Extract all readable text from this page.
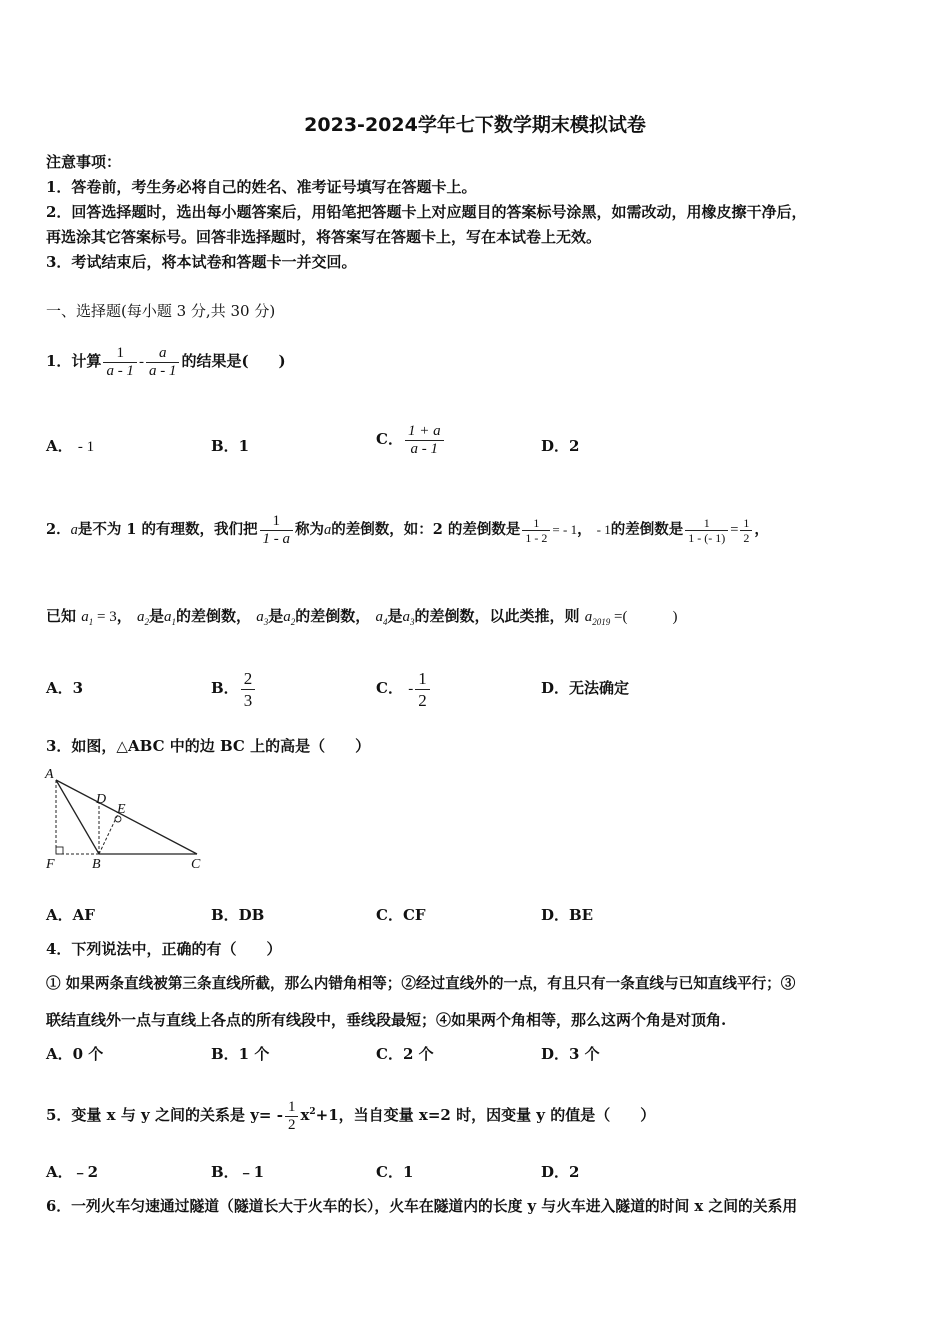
2023-2024学年七下数学期末模拟试卷
注意事项：
1．答卷前，考生务必将自己的姓名、准考证号填写在答题卡上。
2．回答选择题时，选出每小题答案后，用铅笔把答题卡上对应题目的答案标号涂黑，如需改动，用橡皮擦干净后，
再选涂其它答案标号。回答非选择题时，将答案写在答题卡上，写在本试卷上无效。
3．考试结束后，将本试卷和答题卡一并交回。
一、选择题(每小题 3 分,共 30 分)
1．计算 $\frac{1}{a - 1} - \frac{a}{a - 1}$ 的结果是(　　)
A． - 1	B．1	C． $\frac{1 + a}{a - 1}$	D．2
2．a是不为 1 的有理数，我们把 $\frac{1}{1 - a}$ 称为a的差倒数，如：2 的差倒数是 $\frac{1}{1 - 2}$ = - 1， - 1的差倒数是 $\frac{1}{1 - (- 1)} = \frac{1}{2}$ ，
已知 $a_1 = 3$， $a_2$是$a_1$的差倒数， $a_3$是$a_2$的差倒数， $a_4$是$a_3$的差倒数，以此类推，则 $a_{2019}$ =(　　　)
A．3	B． $\frac{2}{3}$	C． - $\frac{1}{2}$	D．无法确定
3．如图，△ABC 中的边 BC 上的高是（　　）
A
D
E
F	B	C
A．AF	B．DB	C．CF	D．BE
4．下列说法中，正确的有（　　）
① 如果两条直线被第三条直线所截，那么内错角相等；②经过直线外的一点，有且只有一条直线与已知直线平行；③
联结直线外一点与直线上各点的所有线段中，垂线段最短；④如果两个角相等，那么这两个角是对顶角.
A．0 个	B．1 个	C．2 个	D．3 个
5．变量 x 与 y 之间的关系是 $y= - \frac{1}{2} x^2+1$，当自变量 x=2 时，因变量 y 的值是（　　）
A．﹣2	B．﹣1	C．1	D．2
6．一列火车匀速通过隧道（隧道长大于火车的长），火车在隧道内的长度 y 与火车进入隧道的时间 x 之间的关系用
